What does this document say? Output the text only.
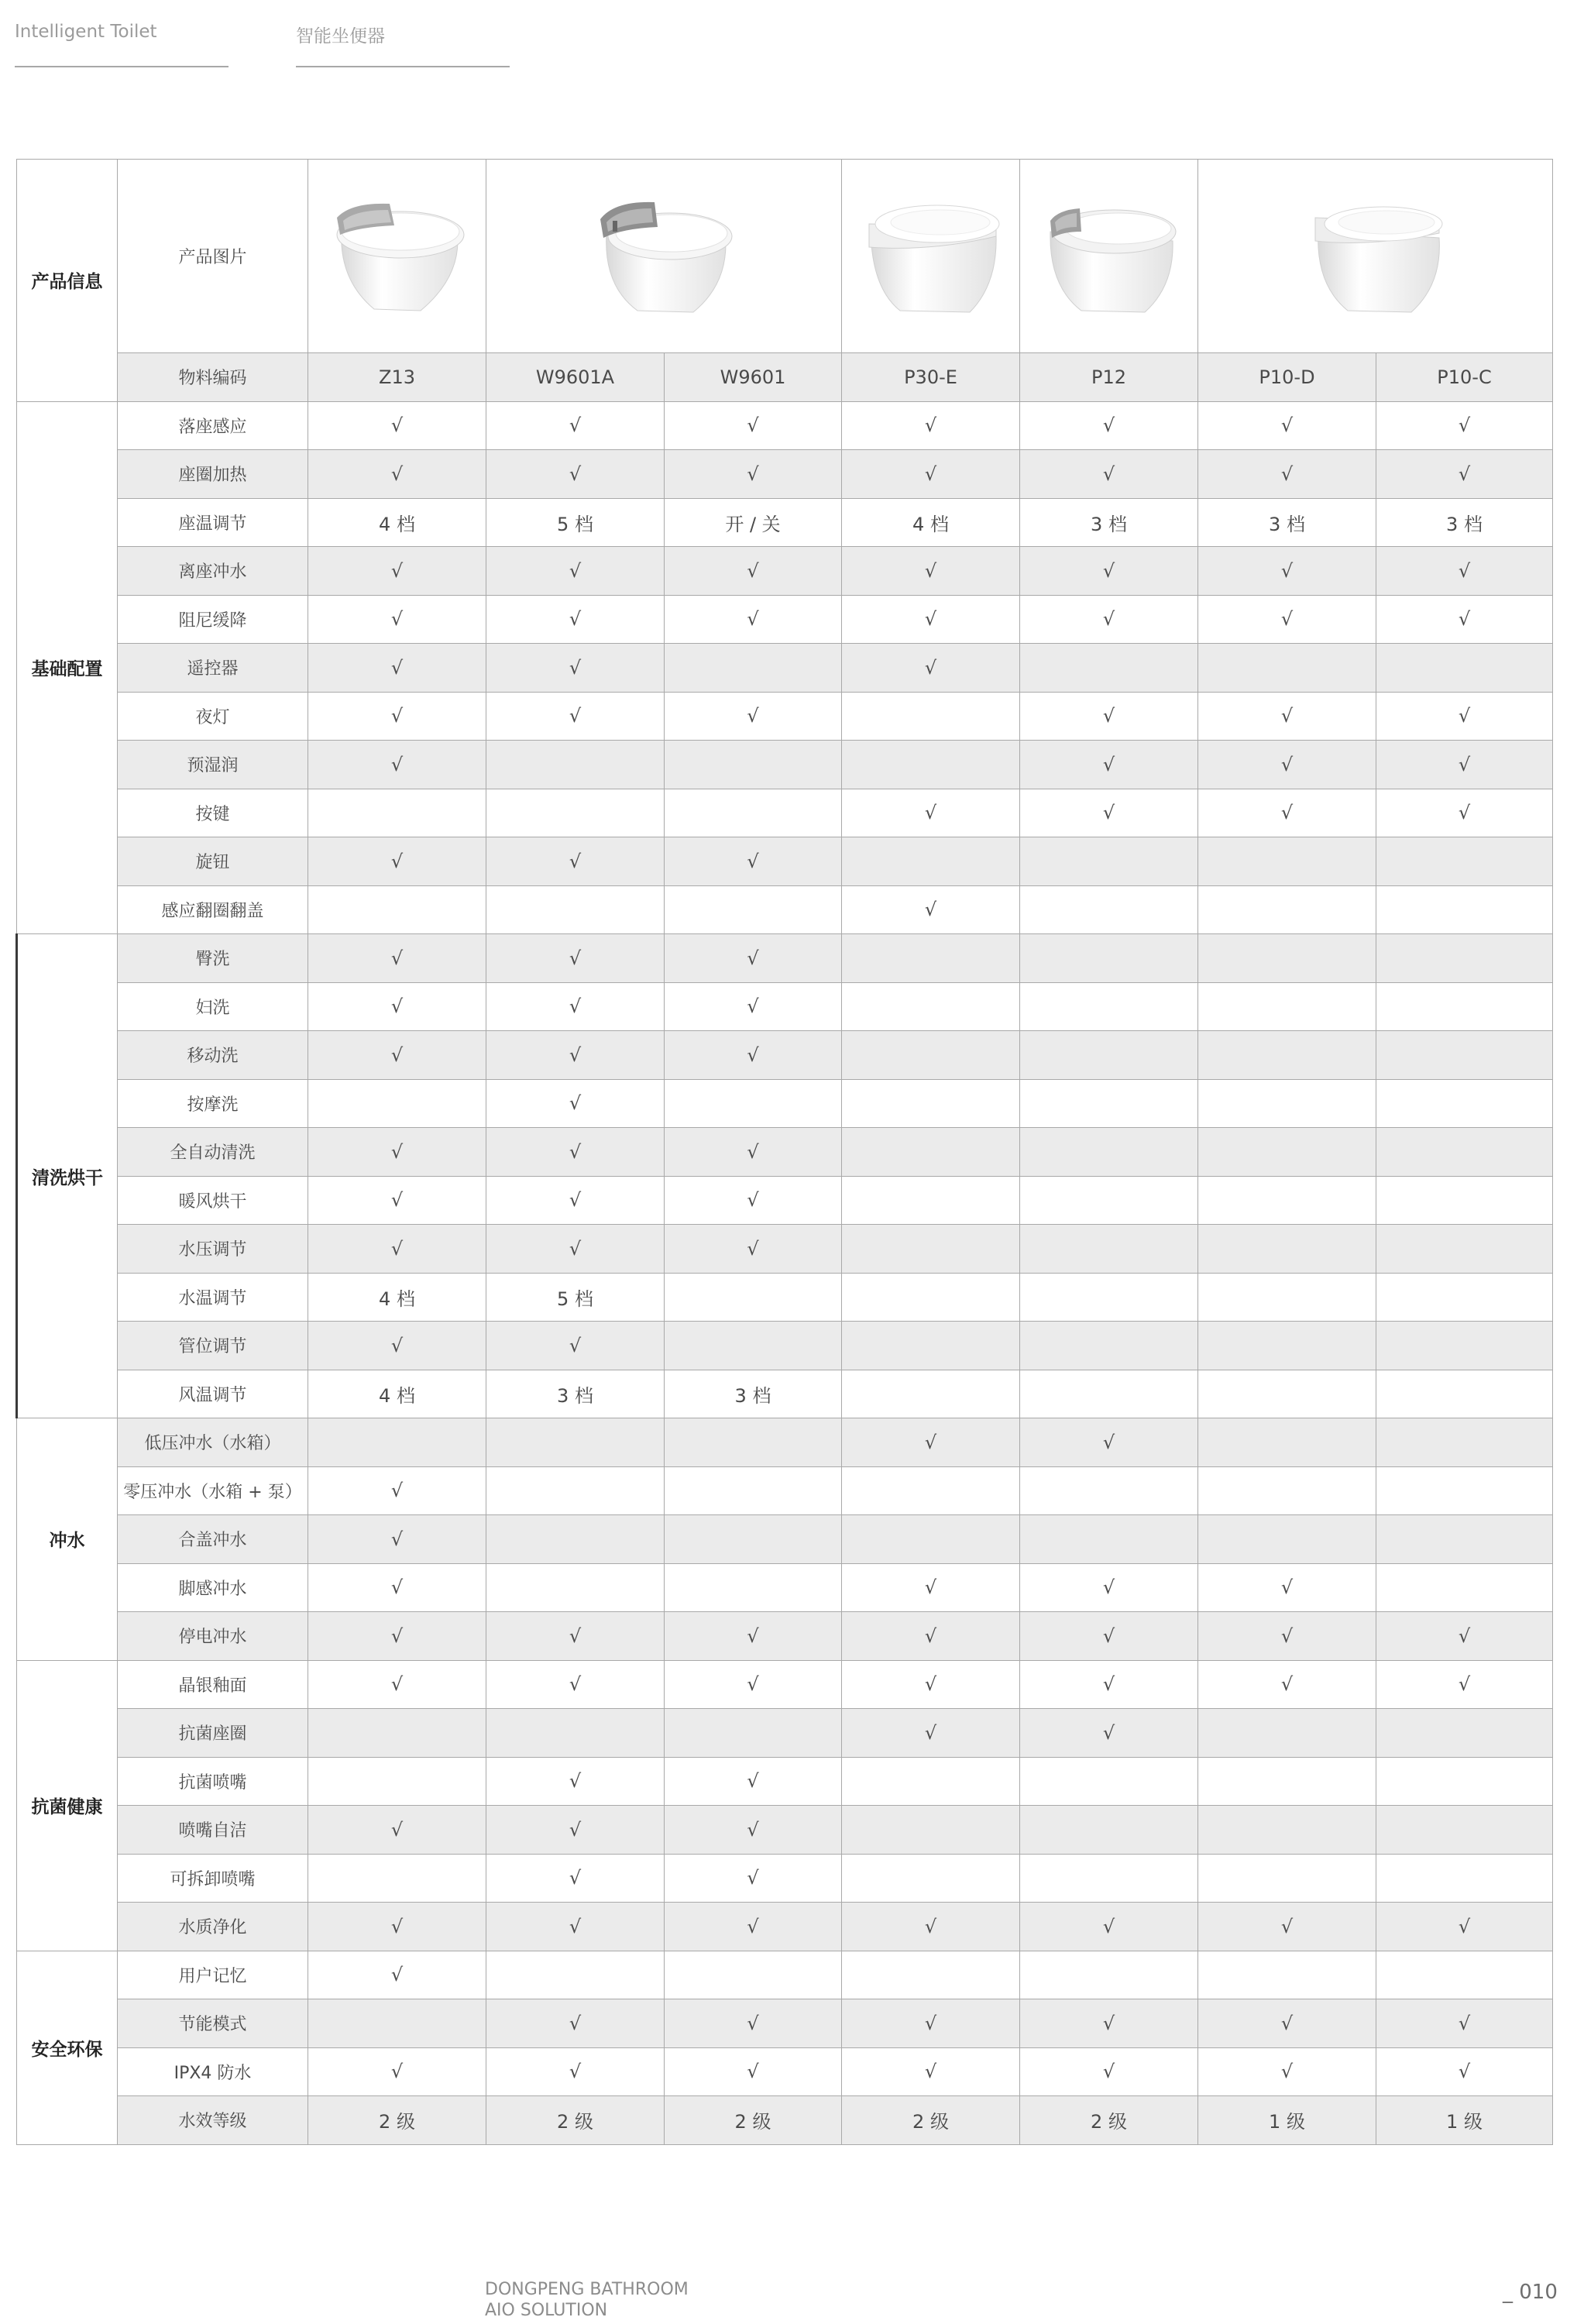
Intelligent Toilet	智能坐便器
产品信息	产品图片	

	物料编码	Z13	W9601A	W9601	P30-E	P12	P10-D	P10-C
基础配置	落座感应	√	√	√	√	√	√	√
	座圈加热	√	√	√	√	√	√	√
	座温调节	4 档	5 档	开 / 关	4 档	3 档	3 档	3 档
	离座冲水	√	√	√	√	√	√	√
	阻尼缓降	√	√	√	√	√	√	√
	遥控器	√	√		√			
	夜灯	√	√	√		√	√	√
	预湿润	√				√	√	√
	按键				√	√	√	√
	旋钮	√	√	√				
	感应翻圈翻盖				√			
清洗烘干	臀洗	√	√	√				
	妇洗	√	√	√				
	移动洗	√	√	√				
	按摩洗		√					
	全自动清洗	√	√	√				
	暖风烘干	√	√	√				
	水压调节	√	√	√				
	水温调节	4 档	5 档					
	管位调节	√	√					
	风温调节	4 档	3 档	3 档				
冲水	低压冲水（水箱）				√	√		
	零压冲水（水箱 + 泵）	√						
	合盖冲水	√						
	脚感冲水	√			√	√	√	
	停电冲水	√	√	√	√	√	√	√
抗菌健康	晶银釉面	√	√	√	√	√	√	√
	抗菌座圈				√	√		
	抗菌喷嘴		√	√				
	喷嘴自洁	√	√	√				
	可拆卸喷嘴		√	√				
	水质净化	√	√	√	√	√	√	√
安全环保	用户记忆	√						
	节能模式		√	√	√	√	√	√
	IPX4 防水	√	√	√	√	√	√	√
	水效等级	2 级	2 级	2 级	2 级	2 级	1 级	1 级
DONGPENG BATHROOM
AIO SOLUTION
_ 010
